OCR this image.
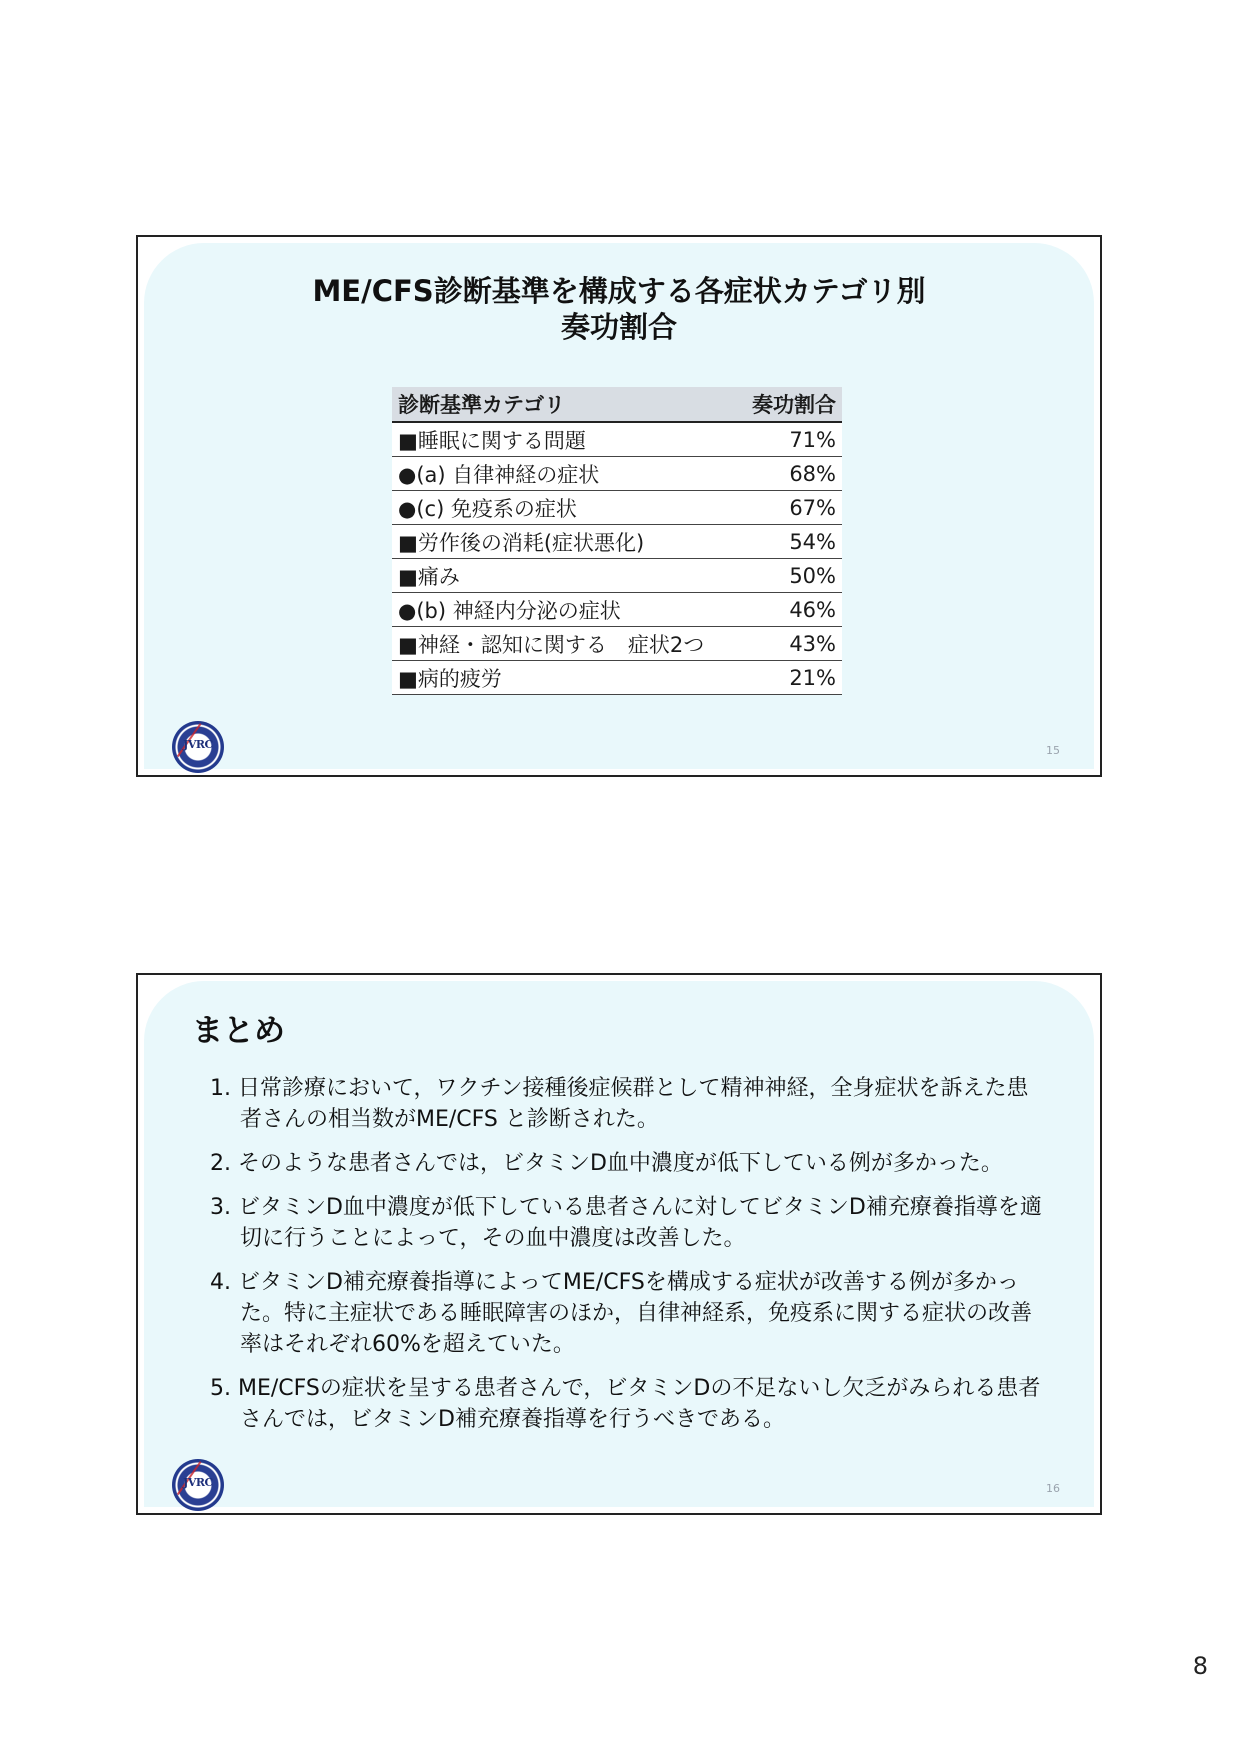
ME/CFS診断基準を構成する各症状カテゴリ別
奏功割合
診断基準カテゴリ	奏功割合
■睡眠に関する問題	71%
●(a) 自律神経の症状	68%
●(c) 免疫系の症状	67%
■労作後の消耗(症状悪化)	54%
■痛み	50%
●(b) 神経内分泌の症状	46%
■神経・認知に関する　症状2つ	43%
■病的疲労	21%
JVRC	15
まとめ
1. 日常診療において，ワクチン接種後症候群として精神神経，全身症状を訴えた患者さんの相当数がME/CFS と診断された。
2. そのような患者さんでは，ビタミンD血中濃度が低下している例が多かった。
3. ビタミンD血中濃度が低下している患者さんに対してビタミンD補充療養指導を適切に行うことによって，その血中濃度は改善した。
4. ビタミンD補充療養指導によってME/CFSを構成する症状が改善する例が多かった。特に主症状である睡眠障害のほか，自律神経系，免疫系に関する症状の改善率はそれぞれ60%を超えていた。
5. ME/CFSの症状を呈する患者さんで，ビタミンDの不足ないし欠乏がみられる患者さんでは，ビタミンD補充療養指導を行うべきである。
JVRC	16
8
